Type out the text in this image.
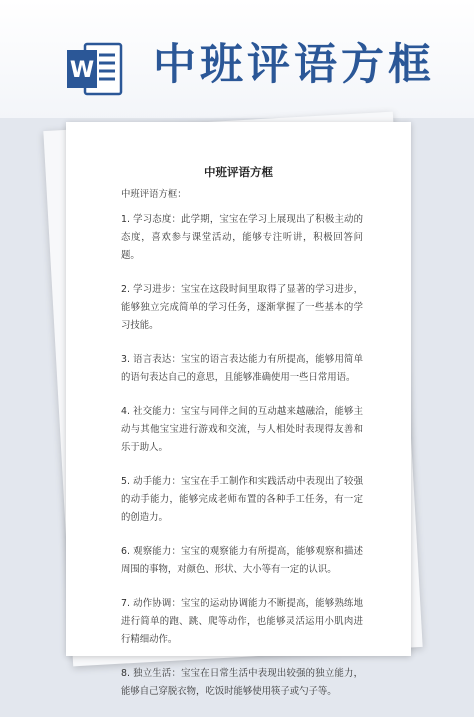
W 中班评语方框
中班评语方框
中班评语方框：
1. 学习态度：此学期，宝宝在学习上展现出了积极主动的态度，喜欢参与课堂活动，能够专注听讲，积极回答问题。
2. 学习进步：宝宝在这段时间里取得了显著的学习进步，能够独立完成简单的学习任务，逐渐掌握了一些基本的学习技能。
3. 语言表达：宝宝的语言表达能力有所提高，能够用简单的语句表达自己的意思，且能够准确使用一些日常用语。
4. 社交能力：宝宝与同伴之间的互动越来越融洽，能够主动与其他宝宝进行游戏和交流，与人相处时表现得友善和乐于助人。
5. 动手能力：宝宝在手工制作和实践活动中表现出了较强的动手能力，能够完成老师布置的各种手工任务，有一定的创造力。
6. 观察能力：宝宝的观察能力有所提高，能够观察和描述周围的事物，对颜色、形状、大小等有一定的认识。
7. 动作协调：宝宝的运动协调能力不断提高，能够熟练地进行简单的跑、跳、爬等动作，也能够灵活运用小肌肉进行精细动作。
8. 独立生活：宝宝在日常生活中表现出较强的独立能力，能够自己穿脱衣物，吃饭时能够使用筷子或勺子等。
